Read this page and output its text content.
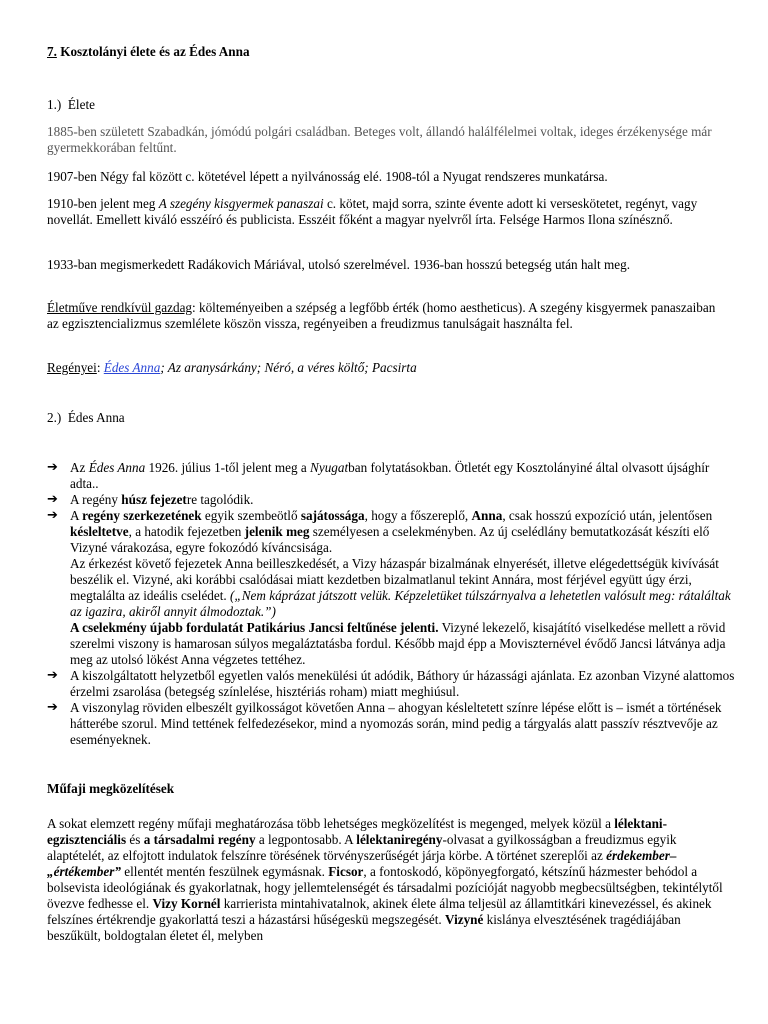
7. Kosztolányi élete és az Édes Anna

1.) Élete

1885-ben született Szabadkán, jómódú polgári családban. Beteges volt, állandó halálfélelmei voltak, ideges érzékenysége már gyermekkorában feltűnt.

1907-ben Négy fal között c. kötetével lépett a nyilvánosság elé. 1908-tól a Nyugat rendszeres munkatársa.

1910-ben jelent meg A szegény kisgyermek panaszai c. kötet, majd sorra, szinte évente adott ki verseskötetet, regényt, vagy novellát. Emellett kiváló esszéíró és publicista. Esszéit főként a magyar nyelvről írta. Felsége Harmos Ilona színésznő.

1933-ban megismerkedett Radákovich Máriával, utolsó szerelmével. 1936-ban hosszú betegség után halt meg.

Életműve rendkívül gazdag: költeményeiben a szépség a legfőbb érték (homo aestheticus). A szegény kisgyermek panaszaiban az egzisztencializmus szemlélete köszön vissza, regényeiben a freudizmus tanulságait használta fel.

Regényei: Édes Anna; Az aranysárkány; Néró, a véres költő; Pacsirta

2.) Édes Anna

➔ Az Édes Anna 1926. július 1-től jelent meg a Nyugatban folytatásokban. Ötletét egy Kosztolányiné által olvasott újsághír adta..
➔ A regény húsz fejezetre tagolódik.
➔ A regény szerkezetének egyik szembeötlő sajátossága, hogy a főszereplő, Anna, csak hosszú expozíció után, jelentősen késleltetve, a hatodik fejezetben jelenik meg személyesen a cselekményben. Az új cselédlány bemutatkozását készíti elő Vizyné várakozása, egyre fokozódó kíváncsisága.
Az érkezést követő fejezetek Anna beilleszkedését, a Vizy házaspár bizalmának elnyerését, illetve elégedettségük kivívását beszélik el. Vizyné, aki korábbi csalódásai miatt kezdetben bizalmatlanul tekint Annára, most férjével együtt úgy érzi, megtalálta az ideális cselédet. („Nem káprázat játszott velük. Képzeletüket túlszárnyalva a lehetetlen valósult meg: rátaláltak az igazira, akiről annyit álmodoztak.”)
A cselekmény újabb fordulatát Patikárius Jancsi feltűnése jelenti. Vizyné lekezelő, kisajátító viselkedése mellett a rövid szerelmi viszony is hamarosan súlyos megaláztatásba fordul. Később majd épp a Moviszternével évődő Jancsi látványa adja meg az utolsó lökést Anna végzetes tettéhez.
➔ A kiszolgáltatott helyzetből egyetlen valós menekülési út adódik, Báthory úr házassági ajánlata. Ez azonban Vizyné alattomos érzelmi zsarolása (betegség színlelése, hisztériás roham) miatt meghiúsul.
➔ A viszonylag röviden elbeszélt gyilkosságot követően Anna – ahogyan késleltetett színre lépése előtt is – ismét a történések hátterébe szorul. Mind tettének felfedezésekor, mind a nyomozás során, mind pedig a tárgyalás alatt passzív résztvevője az eseményeknek.

Műfaji megközelítések

A sokat elemzett regény műfaji meghatározása több lehetséges megközelítést is megenged, melyek közül a lélektani-egzisztenciális és a társadalmi regény a legpontosabb. A lélektaniregény-olvasat a gyilkosságban a freudizmus egyik alaptételét, az elfojtott indulatok felszínre törésének törvényszerűségét járja körbe. A történet szereplői az érdekember–„értékember” ellentét mentén feszülnek egymásnak. Ficsor, a fontoskodó, köpönyegforgató, kétszínű házmester behódol a bolsevista ideológiának és gyakorlatnak, hogy jellemtelenségét és társadalmi pozícióját nagyobb megbecsültségben, tekintélytől övezve fedhesse el. Vizy Kornél karrierista mintahivatalnok, akinek élete álma teljesül az államtitkári kinevezéssel, és akinek felszínes értékrendje gyakorlattá teszi a házastársi hűségeskü megszegését. Vizyné kislánya elvesztésének tragédiájában beszűkült, boldogtalan életet él, melyben
